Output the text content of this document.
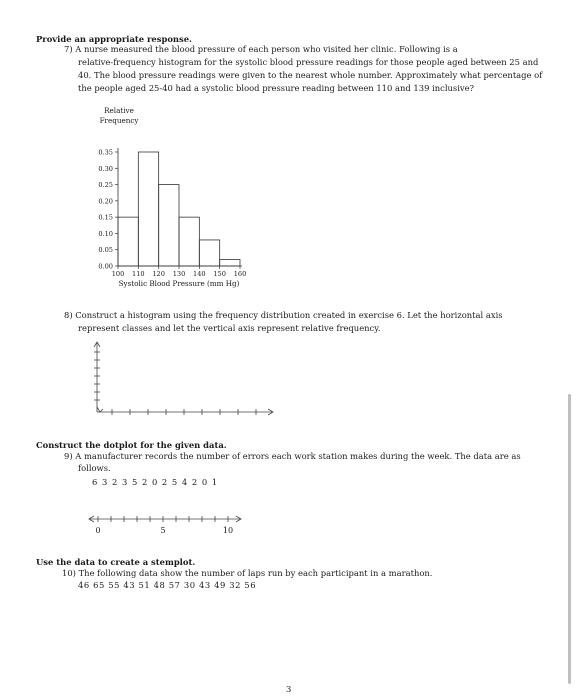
Provide an appropriate response.
7) A nurse measured the blood pressure of each person who visited her clinic. Following is a
relative-frequency histogram for the systolic blood pressure readings for those people aged between 25 and
40. The blood pressure readings were given to the nearest whole number. Approximately what percentage of
the people aged 25-40 had a systolic blood pressure reading between 110 and 139 inclusive?
Relative
Frequency
0.00
0.05
0.10
0.15
0.20
0.25
0.30
0.35
100 110 120 130 140 150 160
Systolic Blood Pressure (mm Hg)
8) Construct a histogram using the frequency distribution created in exercise 6. Let the horizontal axis
represent classes and let the vertical axis represent relative frequency.
Construct the dotplot for the given data.
9) A manufacturer records the number of errors each work station makes during the week. The data are as
follows.
6 3 2 3 5 2 0 2 5 4 2 0 1
0	5	10
Use the data to create a stemplot.
10) The following data show the number of laps run by each participant in a marathon.
46 65 55 43 51 48 57 30 43 49 32 56
3
